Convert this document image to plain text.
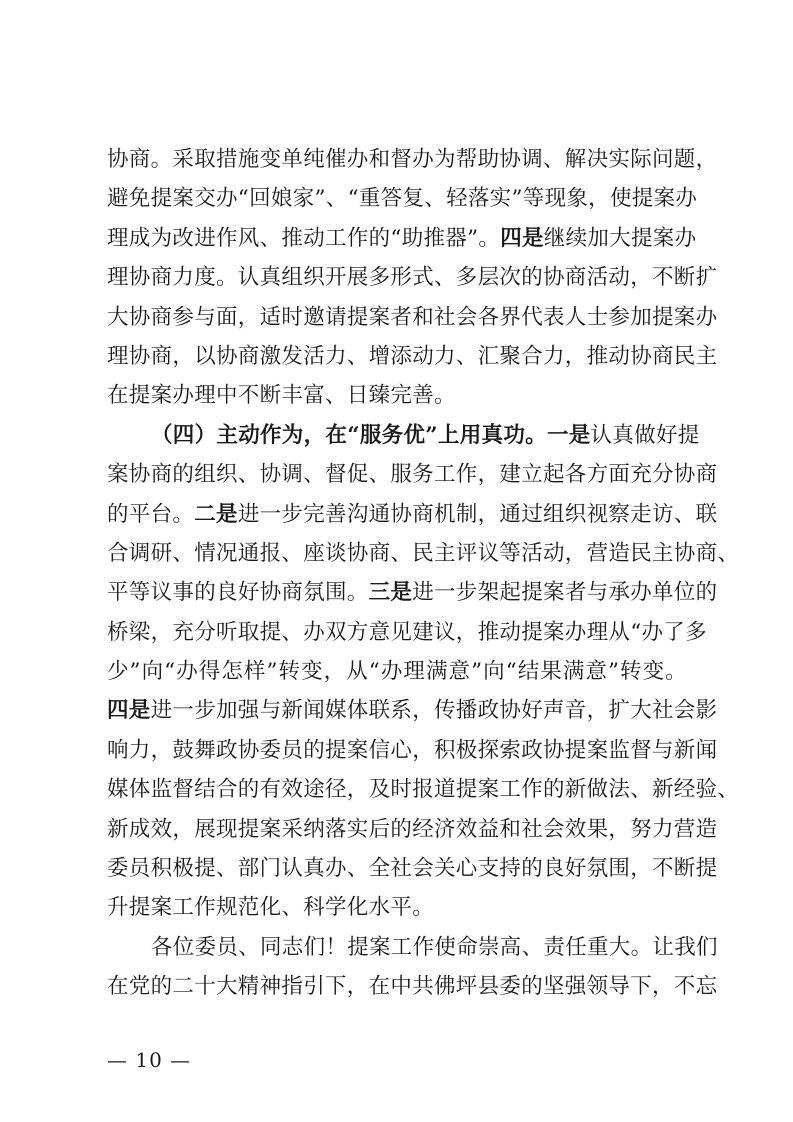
协商。采取措施变单纯催办和督办为帮助协调、解决实际问题，
避免提案交办“回娘家”、“重答复、轻落实”等现象，使提案办
理成为改进作风、推动工作的“助推器”。四是继续加大提案办
理协商力度。认真组织开展多形式、多层次的协商活动，不断扩
大协商参与面，适时邀请提案者和社会各界代表人士参加提案办
理协商，以协商激发活力、增添动力、汇聚合力，推动协商民主
在提案办理中不断丰富、日臻完善。
（四）主动作为，在“服务优”上用真功。一是认真做好提
案协商的组织、协调、督促、服务工作，建立起各方面充分协商
的平台。二是进一步完善沟通协商机制，通过组织视察走访、联
合调研、情况通报、座谈协商、民主评议等活动，营造民主协商、
平等议事的良好协商氛围。三是进一步架起提案者与承办单位的
桥梁，充分听取提、办双方意见建议，推动提案办理从“办了多
少”向“办得怎样”转变，从“办理满意”向“结果满意”转变。
四是进一步加强与新闻媒体联系，传播政协好声音，扩大社会影
响力，鼓舞政协委员的提案信心，积极探索政协提案监督与新闻
媒体监督结合的有效途径，及时报道提案工作的新做法、新经验、
新成效，展现提案采纳落实后的经济效益和社会效果，努力营造
委员积极提、部门认真办、全社会关心支持的良好氛围，不断提
升提案工作规范化、科学化水平。
各位委员、同志们！提案工作使命崇高、责任重大。让我们
在党的二十大精神指引下，在中共佛坪县委的坚强领导下，不忘
— 10 —
